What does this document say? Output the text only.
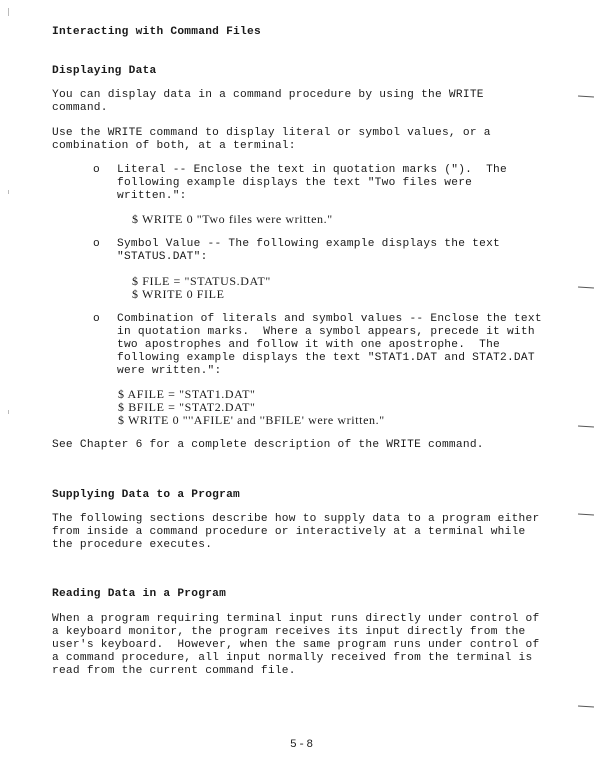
Interacting with Command Files
Displaying Data
You can display data in a command procedure by using the WRITE
command.
Use the WRITE command to display literal or symbol values, or a
combination of both, at a terminal:
o Literal -- Enclose the text in quotation marks (").  The
following example displays the text "Two files were
written.":
$ WRITE 0 "Two files were written."
o Symbol Value -- The following example displays the text
"STATUS.DAT":
$ FILE = "STATUS.DAT"
$ WRITE 0 FILE
o Combination of literals and symbol values -- Enclose the text
in quotation marks.  Where a symbol appears, precede it with
two apostrophes and follow it with one apostrophe.  The
following example displays the text "STAT1.DAT and STAT2.DAT
were written.":
$ AFILE = "STAT1.DAT"
$ BFILE = "STAT2.DAT"
$ WRITE 0 "''AFILE' and ''BFILE' were written."
See Chapter 6 for a complete description of the WRITE command.
Supplying Data to a Program
The following sections describe how to supply data to a program either
from inside a command procedure or interactively at a terminal while
the procedure executes.
Reading Data in a Program
When a program requiring terminal input runs directly under control of
a keyboard monitor, the program receives its input directly from the
user's keyboard.  However, when the same program runs under control of
a command procedure, all input normally received from the terminal is
read from the current command file.
5-8
